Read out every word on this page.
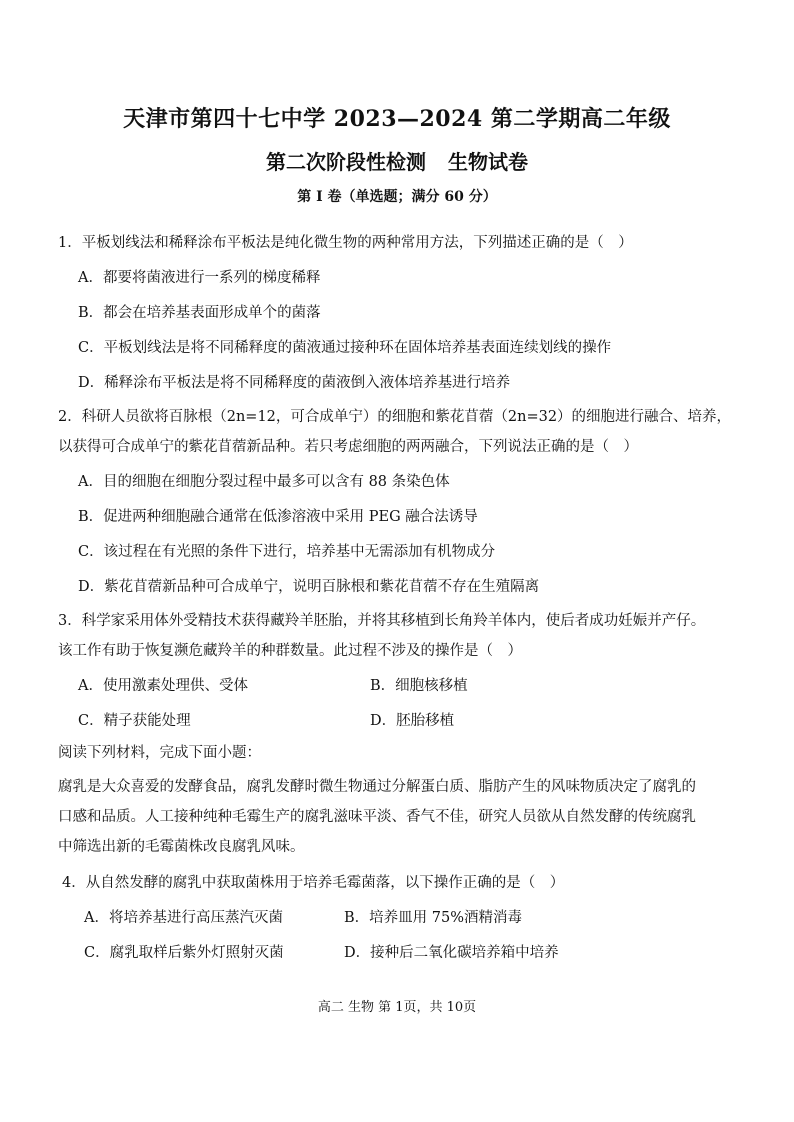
天津市第四十七中学 2023—2024 第二学期高二年级
第二次阶段性检测 生物试卷
第 I 卷（单选题；满分 60 分）
1．平板划线法和稀释涂布平板法是纯化微生物的两种常用方法，下列描述正确的是（　）
A．都要将菌液进行一系列的梯度稀释
B．都会在培养基表面形成单个的菌落
C．平板划线法是将不同稀释度的菌液通过接种环在固体培养基表面连续划线的操作
D．稀释涂布平板法是将不同稀释度的菌液倒入液体培养基进行培养
2．科研人员欲将百脉根（2n=12，可合成单宁）的细胞和紫花苜蓿（2n=32）的细胞进行融合、培养，
以获得可合成单宁的紫花苜蓿新品种。若只考虑细胞的两两融合，下列说法正确的是（　）
A．目的细胞在细胞分裂过程中最多可以含有 88 条染色体
B．促进两种细胞融合通常在低渗溶液中采用 PEG 融合法诱导
C．该过程在有光照的条件下进行，培养基中无需添加有机物成分
D．紫花苜蓿新品种可合成单宁，说明百脉根和紫花苜蓿不存在生殖隔离
3．科学家采用体外受精技术获得藏羚羊胚胎，并将其移植到长角羚羊体内，使后者成功妊娠并产仔。
该工作有助于恢复濒危藏羚羊的种群数量。此过程不涉及的操作是（　）
A．使用激素处理供、受体	B．细胞核移植
C．精子获能处理	D．胚胎移植
阅读下列材料，完成下面小题：
腐乳是大众喜爱的发酵食品，腐乳发酵时微生物通过分解蛋白质、脂肪产生的风味物质决定了腐乳的
口感和品质。人工接种纯种毛霉生产的腐乳滋味平淡、香气不佳，研究人员欲从自然发酵的传统腐乳
中筛选出新的毛霉菌株改良腐乳风味。
4．从自然发酵的腐乳中获取菌株用于培养毛霉菌落，以下操作正确的是（　）
A．将培养基进行高压蒸汽灭菌	B．培养皿用 75%酒精消毒
C．腐乳取样后紫外灯照射灭菌	D．接种后二氧化碳培养箱中培养
高二 生物 第 1页，共 10页
